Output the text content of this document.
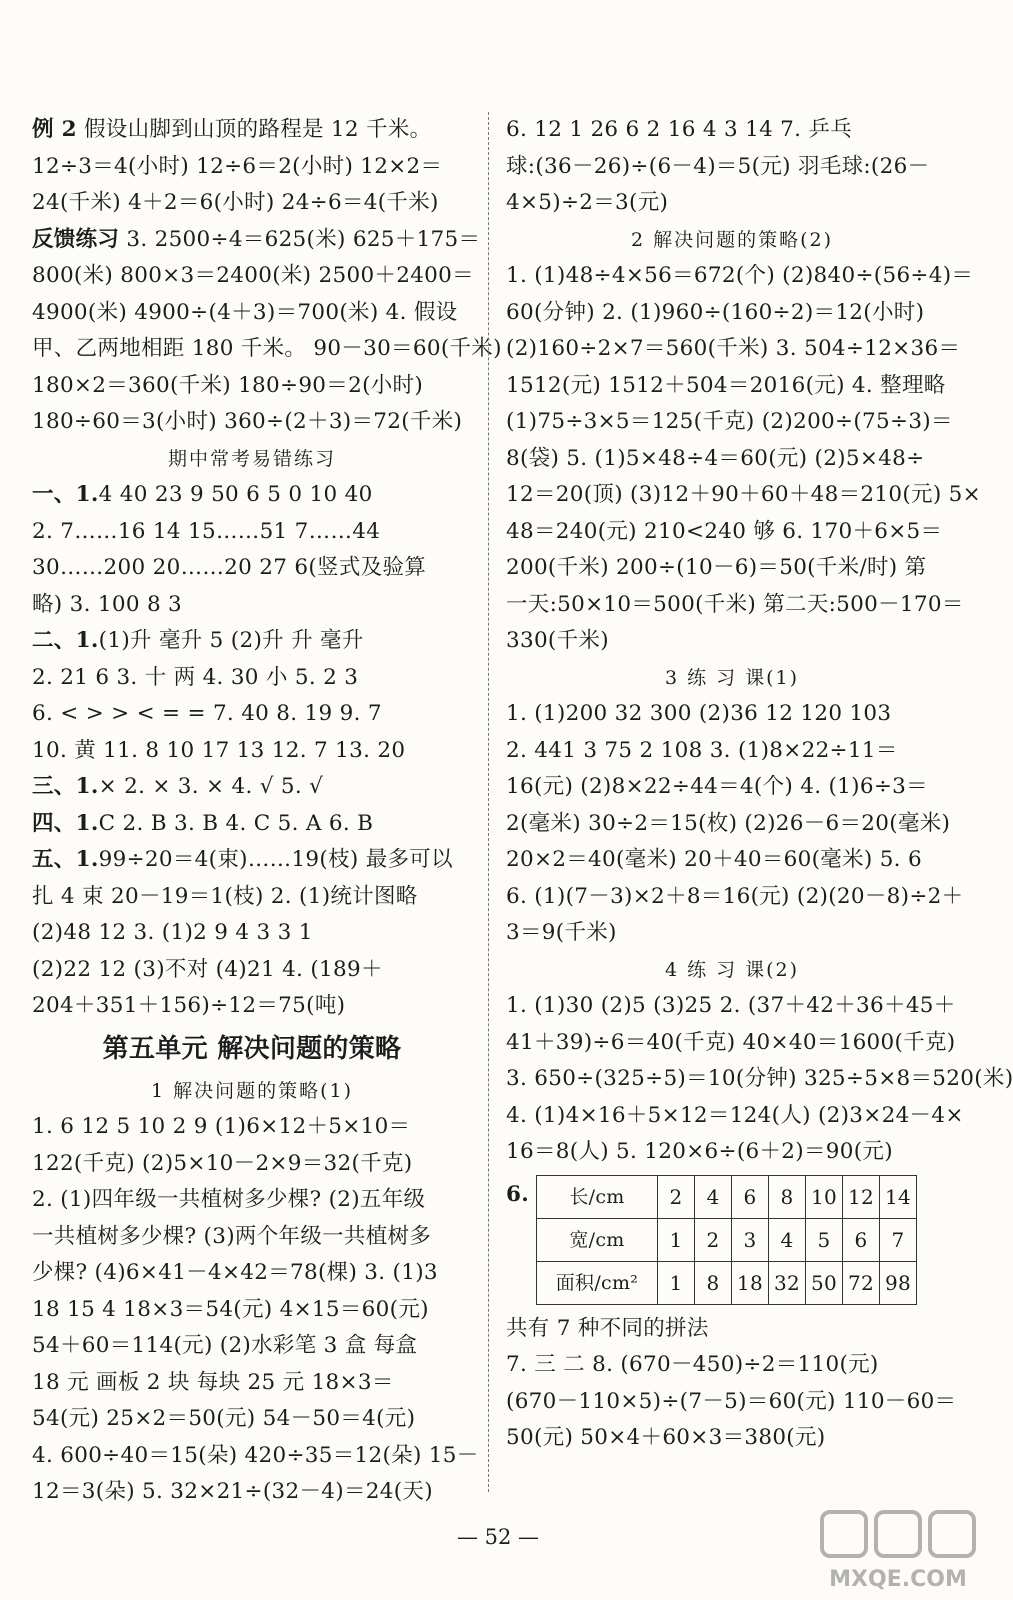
例 2 假设山脚到山顶的路程是 12 千米。
12÷3＝4(小时) 12÷6＝2(小时) 12×2＝
24(千米) 4＋2＝6(小时) 24÷6＝4(千米)
反馈练习 3. 2500÷4＝625(米) 625＋175＝
800(米) 800×3＝2400(米) 2500＋2400＝
4900(米) 4900÷(4＋3)＝700(米) 4. 假设
甲、乙两地相距 180 千米。 90－30＝60(千米)
180×2＝360(千米) 180÷90＝2(小时)
180÷60＝3(小时) 360÷(2＋3)＝72(千米)
期中常考易错练习
一、1.4 40 23 9 50 6 5 0 10 40
2. 7……16 14 15……51 7……44
30……200 20……20 27 6(竖式及验算
略) 3. 100 8 3
二、1.(1)升 毫升 5 (2)升 升 毫升
2. 21 6 3. 十 两 4. 30 小 5. 2 3
6. < > > < = = 7. 40 8. 19 9. 7
10. 黄 11. 8 10 17 13 12. 7 13. 20
三、1.× 2. × 3. × 4. √ 5. √
四、1.C 2. B 3. B 4. C 5. A 6. B
五、1.99÷20＝4(束)……19(枝) 最多可以
扎 4 束 20－19＝1(枝) 2. (1)统计图略
(2)48 12 3. (1)2 9 4 3 3 1
(2)22 12 (3)不对 (4)21 4. (189＋
204＋351＋156)÷12＝75(吨)
第五单元 解决问题的策略
1 解决问题的策略(1)
1. 6 12 5 10 2 9 (1)6×12＋5×10＝
122(千克) (2)5×10－2×9＝32(千克)
2. (1)四年级一共植树多少棵? (2)五年级
一共植树多少棵? (3)两个年级一共植树多
少棵? (4)6×41－4×42＝78(棵) 3. (1)3
18 15 4 18×3＝54(元) 4×15＝60(元)
54＋60＝114(元) (2)水彩笔 3 盒 每盒
18 元 画板 2 块 每块 25 元 18×3＝
54(元) 25×2＝50(元) 54－50＝4(元)
4. 600÷40＝15(朵) 420÷35＝12(朵) 15－
12＝3(朵) 5. 32×21÷(32－4)＝24(天)
6. 12 1 26 6 2 16 4 3 14 7. 乒乓
球:(36－26)÷(6－4)＝5(元) 羽毛球:(26－
4×5)÷2＝3(元)
2 解决问题的策略(2)
1. (1)48÷4×56＝672(个) (2)840÷(56÷4)＝
60(分钟) 2. (1)960÷(160÷2)＝12(小时)
(2)160÷2×7＝560(千米) 3. 504÷12×36＝
1512(元) 1512＋504＝2016(元) 4. 整理略
(1)75÷3×5＝125(千克) (2)200÷(75÷3)＝
8(袋) 5. (1)5×48÷4＝60(元) (2)5×48÷
12＝20(顶) (3)12＋90＋60＋48＝210(元) 5×
48＝240(元) 210<240 够 6. 170＋6×5＝
200(千米) 200÷(10－6)＝50(千米/时) 第
一天:50×10＝500(千米) 第二天:500－170＝
330(千米)
3 练 习 课(1)
1. (1)200 32 300 (2)36 12 120 103
2. 441 3 75 2 108 3. (1)8×22÷11＝
16(元) (2)8×22÷44＝4(个) 4. (1)6÷3＝
2(毫米) 30÷2＝15(枚) (2)26－6＝20(毫米)
20×2＝40(毫米) 20＋40＝60(毫米) 5. 6
6. (1)(7－3)×2＋8＝16(元) (2)(20－8)÷2＋
3＝9(千米)
4 练 习 课(2)
1. (1)30 (2)5 (3)25 2. (37＋42＋36＋45＋
41＋39)÷6＝40(千克) 40×40＝1600(千克)
3. 650÷(325÷5)＝10(分钟) 325÷5×8＝520(米)
4. (1)4×16＋5×12＝124(人) (2)3×24－4×
16＝8(人) 5. 120×6÷(6＋2)＝90(元)
6. 长/cm	2	4	6	8	10	12	14
宽/cm	1	2	3	4	5	6	7
面积/cm²	1	8	18	32	50	72	98
共有 7 种不同的拼法
7. 三 二 8. (670－450)÷2＝110(元)
(670－110×5)÷(7－5)＝60(元) 110－60＝
50(元) 50×4＋60×3＝380(元)
— 52 —
MXQE.COM
